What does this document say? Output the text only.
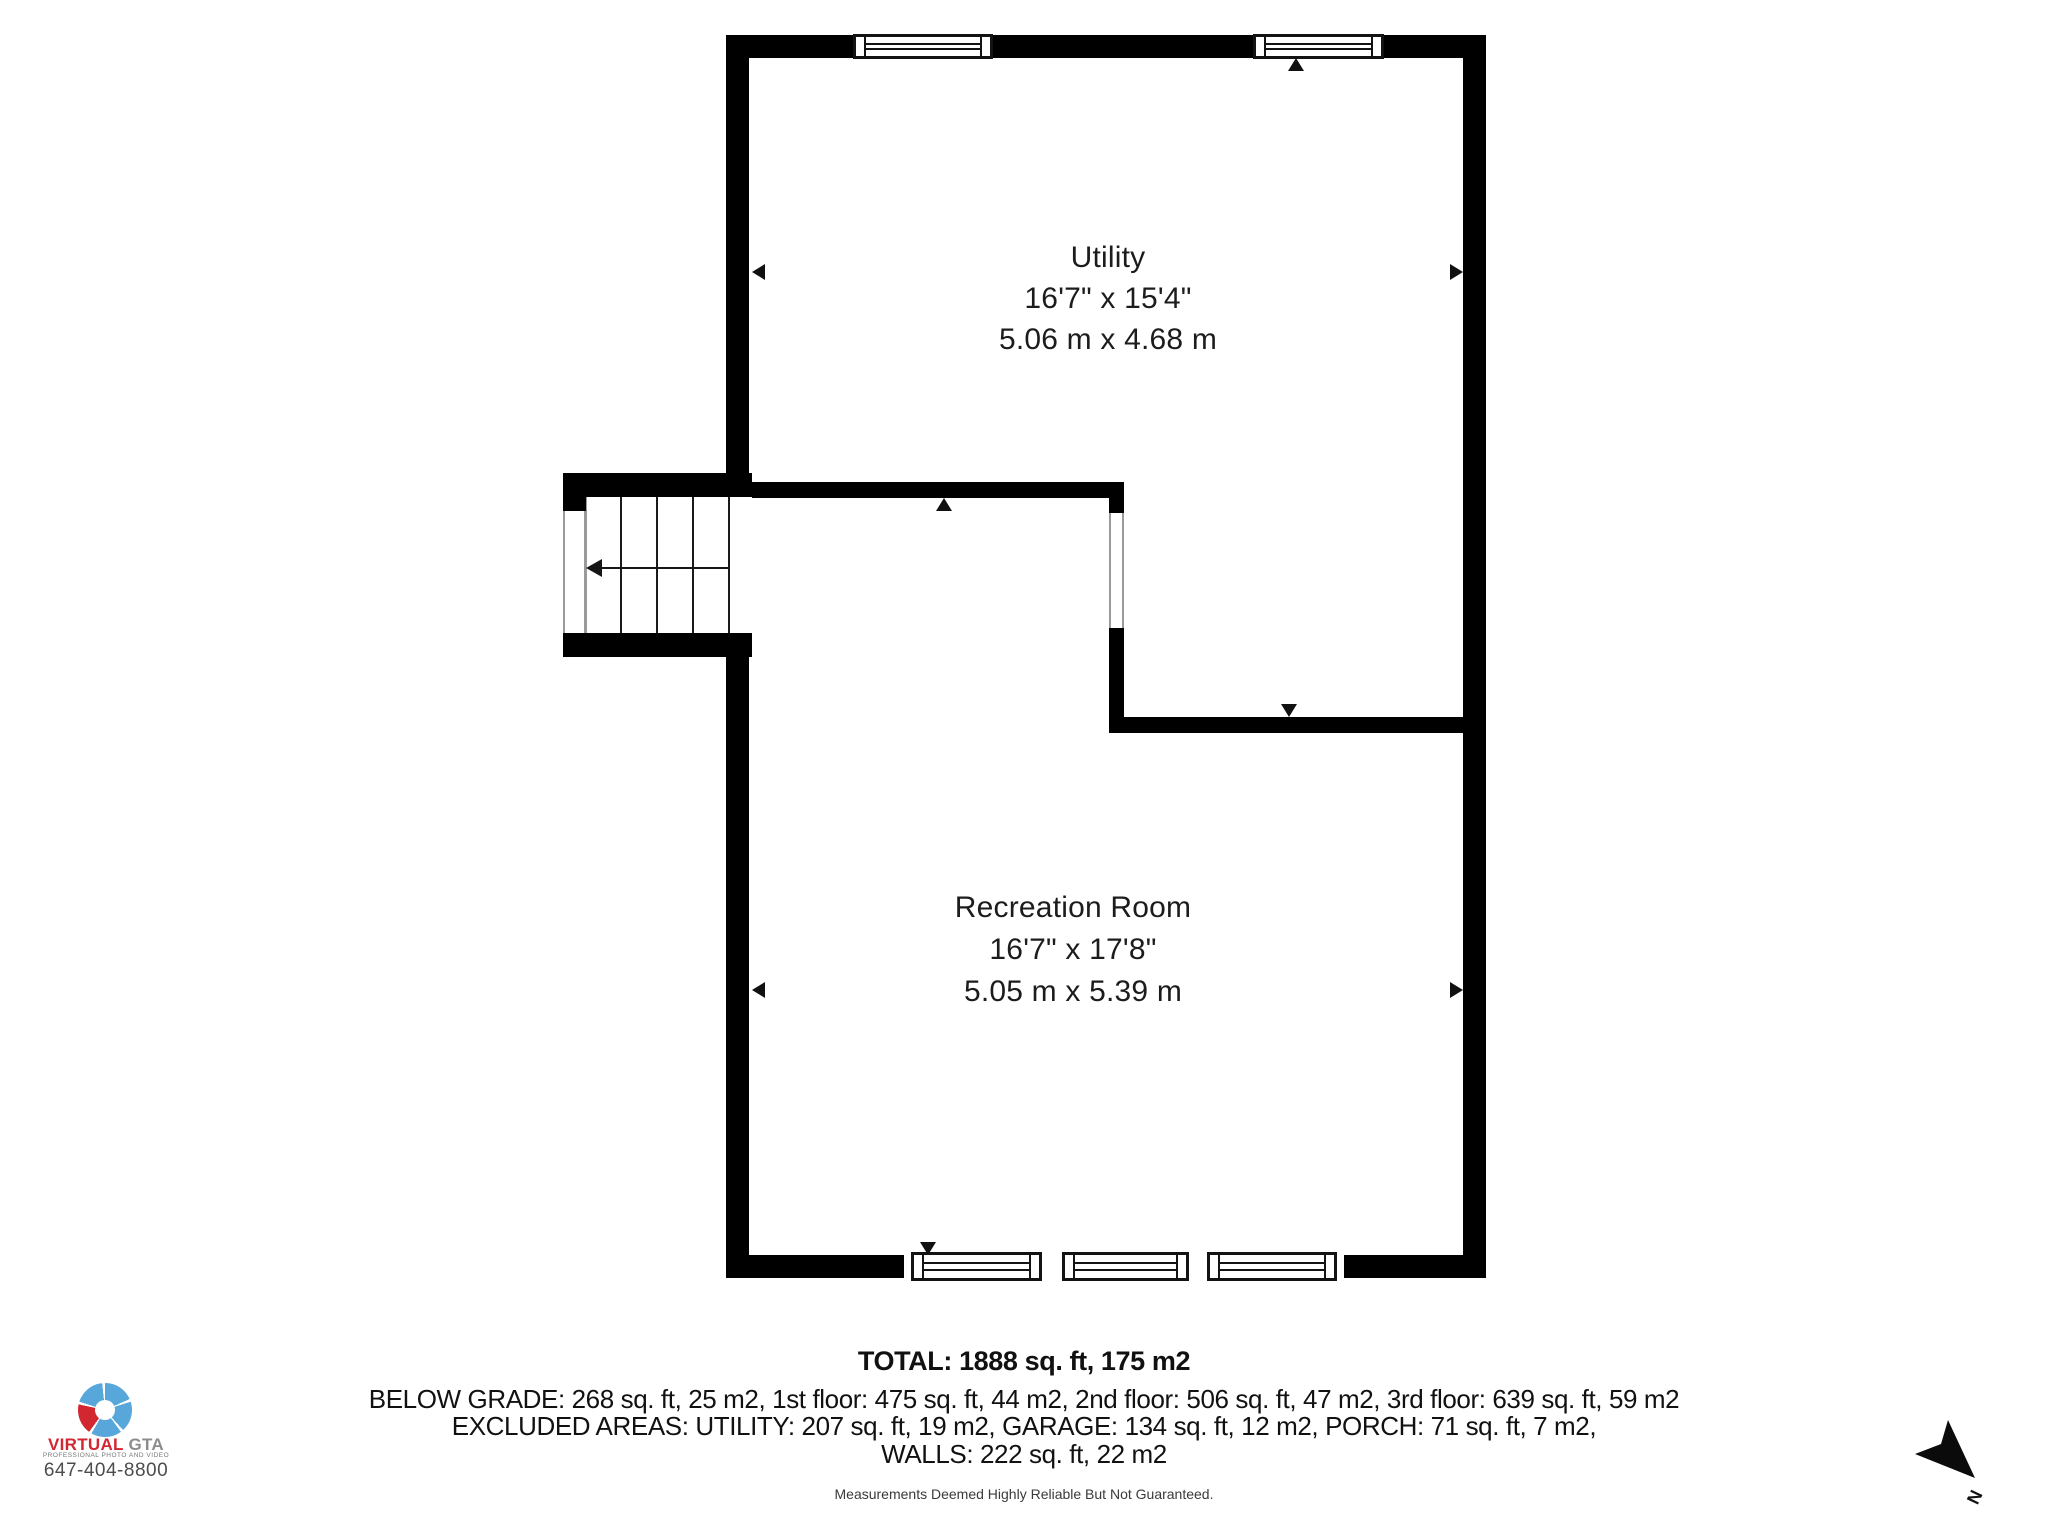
Utility
16'7" x 15'4"
5.06 m x 4.68 m
Recreation Room
16'7" x 17'8"
5.05 m x 5.39 m
TOTAL: 1888 sq. ft, 175 m2
BELOW GRADE: 268 sq. ft, 25 m2, 1st floor: 475 sq. ft, 44 m2, 2nd floor: 506 sq. ft, 47 m2, 3rd floor: 639 sq. ft, 59 m2
EXCLUDED AREAS: UTILITY: 207 sq. ft, 19 m2, GARAGE: 134 sq. ft, 12 m2, PORCH: 71 sq. ft, 7 m2,
WALLS: 222 sq. ft, 22 m2
Measurements Deemed Highly Reliable But Not Guaranteed.
VIRTUAL GTA
PROFESSIONAL PHOTO AND VIDEO
647-404-8800
N
